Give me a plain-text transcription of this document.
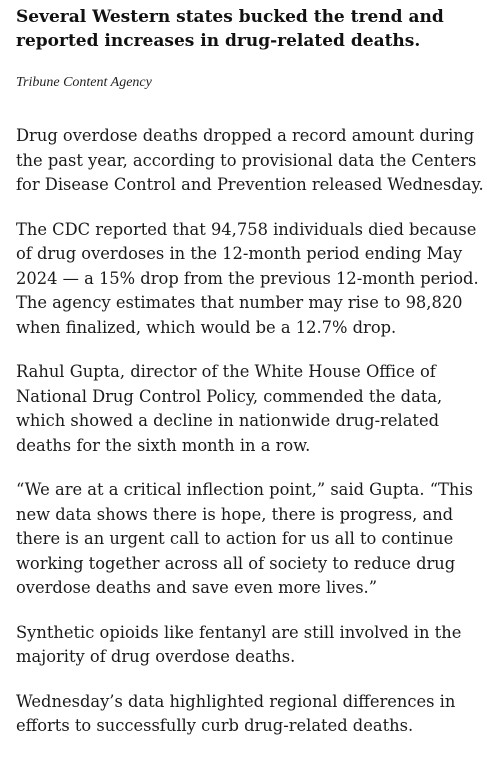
Several Western states bucked the trend and
reported increases in drug-related deaths.

Tribune Content Agency

Drug overdose deaths dropped a record amount during
the past year, according to provisional data the Centers
for Disease Control and Prevention released Wednesday.
The CDC reported that 94,758 individuals died because
of drug overdoses in the 12-month period ending May
2024 — a 15% drop from the previous 12-month period.
The agency estimates that number may rise to 98,820
when finalized, which would be a 12.7% drop.
Rahul Gupta, director of the White House Office of
National Drug Control Policy, commended the data,
which showed a decline in nationwide drug-related
deaths for the sixth month in a row.
“We are at a critical inflection point,” said Gupta. “This
new data shows there is hope, there is progress, and
there is an urgent call to action for us all to continue
working together across all of society to reduce drug
overdose deaths and save even more lives.”
Synthetic opioids like fentanyl are still involved in the
majority of drug overdose deaths.
Wednesday’s data highlighted regional differences in
efforts to successfully curb drug-related deaths.
